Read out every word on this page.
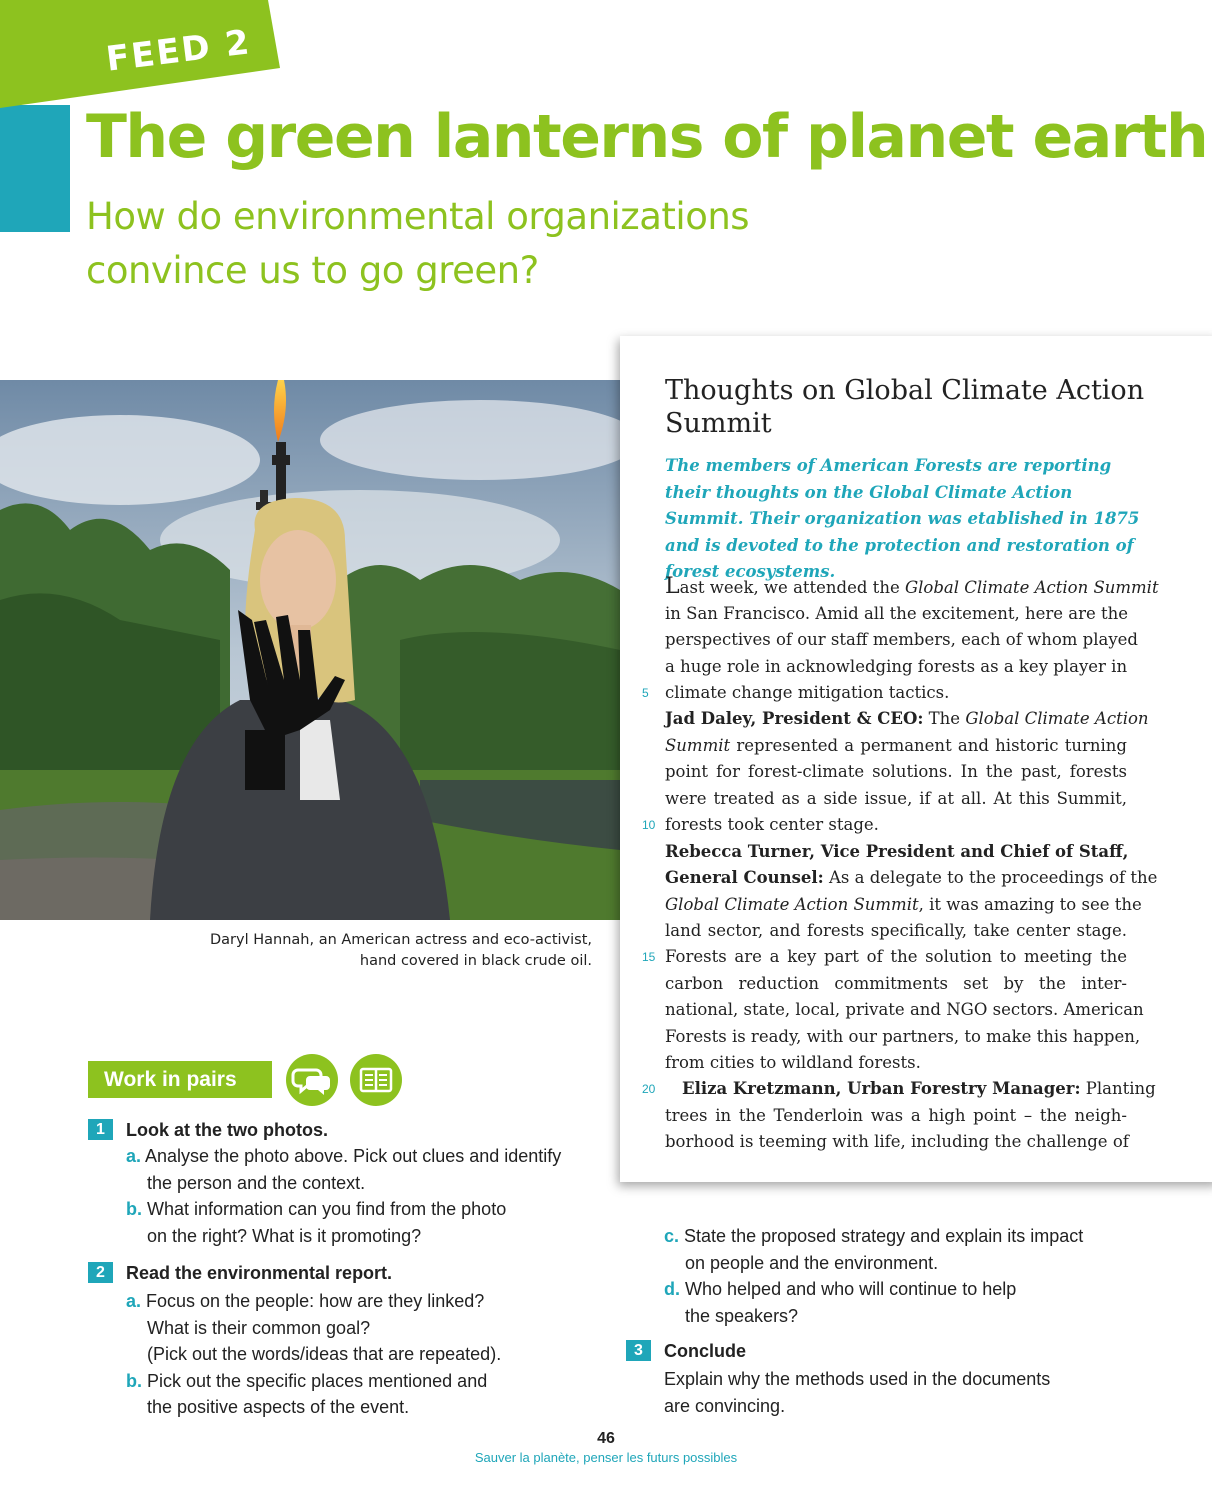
FEED 2
The green lanterns of planet earth
How do environmental organizations
convince us to go green?
Daryl Hannah, an American actress and eco-activist,
hand covered in black crude oil.
Thoughts on Global Climate Action Summit

The members of American Forests are reporting their thoughts on the Global Climate Action Summit. Their organization was etablished in 1875 and is devoted to the protection and restoration of forest ecosystems.

Last week, we attended the Global Climate Action Summit
in San Francisco. Amid all the excitement, here are the
perspectives of our staff members, each of whom played
a huge role in acknowledging forests as a key player in
5 climate change mitigation tactics.
Jad Daley, President & CEO: The Global Climate Action
Summit represented a permanent and historic turning
point for forest-climate solutions. In the past, forests
were treated as a side issue, if at all. At this Summit,
10 forests took center stage.
Rebecca Turner, Vice President and Chief of Staff,
General Counsel: As a delegate to the proceedings of the
Global Climate Action Summit, it was amazing to see the
land sector, and forests specifically, take center stage.
15 Forests are a key part of the solution to meeting the
carbon reduction commitments set by the inter-
national, state, local, private and NGO sectors. American
Forests is ready, with our partners, to make this happen,
from cities to wildland forests.
20 Eliza Kretzmann, Urban Forestry Manager: Planting
trees in the Tenderloin was a high point – the neigh-
borhood is teeming with life, including the challenge of
Work in pairs
1	Look at the two photos.
a. Analyse the photo above. Pick out clues and identify
the person and the context.
b. What information can you find from the photo
on the right? What is it promoting?
2	Read the environmental report.
a. Focus on the people: how are they linked?
What is their common goal?
(Pick out the words/ideas that are repeated).
b. Pick out the specific places mentioned and
the positive aspects of the event.
c. State the proposed strategy and explain its impact
on people and the environment.
d. Who helped and who will continue to help
the speakers?
3	Conclude
Explain why the methods used in the documents
are convincing.
46
Sauver la planète, penser les futurs possibles
